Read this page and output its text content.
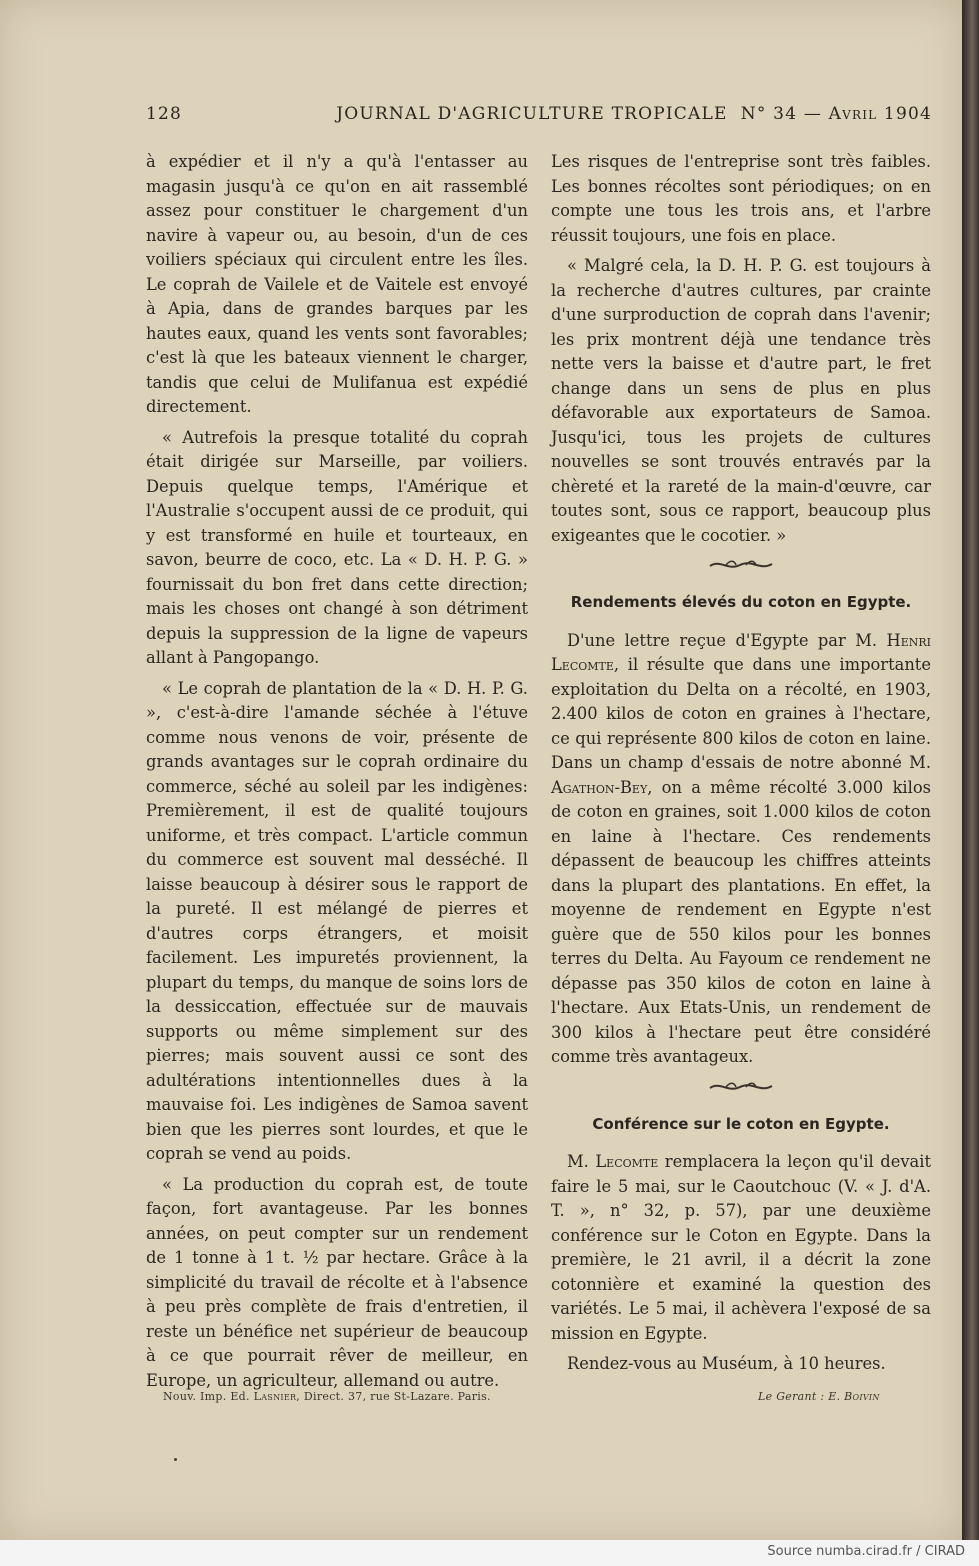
128	JOURNAL D'AGRICULTURE TROPICALE N° 34 — Avril 1904

à expédier et il n'y a qu'à l'entasser au magasin jusqu'à ce qu'on en ait rassemblé assez pour constituer le chargement d'un navire à vapeur ou, au besoin, d'un de ces voiliers spéciaux qui circulent entre les îles. Le coprah de Vailele et de Vaitele est envoyé à Apia, dans de grandes barques par les hautes eaux, quand les vents sont favorables; c'est là que les bateaux viennent le charger, tandis que celui de Mulifanua est expédié directement.

« Autrefois la presque totalité du coprah était dirigée sur Marseille, par voiliers. Depuis quelque temps, l'Amérique et l'Australie s'occupent aussi de ce produit, qui y est transformé en huile et tourteaux, en savon, beurre de coco, etc. La « D. H. P. G. » fournissait du bon fret dans cette direction; mais les choses ont changé à son détriment depuis la suppression de la ligne de vapeurs allant à Pangopango.

« Le coprah de plantation de la « D. H. P. G. », c'est-à-dire l'amande séchée à l'étuve comme nous venons de voir, présente de grands avantages sur le coprah ordinaire du commerce, séché au soleil par les indigènes: Premièrement, il est de qualité toujours uniforme, et très compact. L'article commun du commerce est souvent mal desséché. Il laisse beaucoup à désirer sous le rapport de la pureté. Il est mélangé de pierres et d'autres corps étrangers, et moisit facilement. Les impuretés proviennent, la plupart du temps, du manque de soins lors de la dessiccation, effectuée sur de mauvais supports ou même simplement sur des pierres; mais souvent aussi ce sont des adultérations intentionnelles dues à la mauvaise foi. Les indigènes de Samoa savent bien que les pierres sont lourdes, et que le coprah se vend au poids.

« La production du coprah est, de toute façon, fort avantageuse. Par les bonnes années, on peut compter sur un rendement de 1 tonne à 1 t. ½ par hectare. Grâce à la simplicité du travail de récolte et à l'absence à peu près complète de frais d'entretien, il reste un bénéfice net supérieur de beaucoup à ce que pourrait rêver de meilleur, en Europe, un agriculteur, allemand ou autre.

Les risques de l'entreprise sont très faibles. Les bonnes récoltes sont périodiques; on en compte une tous les trois ans, et l'arbre réussit toujours, une fois en place.

« Malgré cela, la D. H. P. G. est toujours à la recherche d'autres cultures, par crainte d'une surproduction de coprah dans l'avenir; les prix montrent déjà une tendance très nette vers la baisse et d'autre part, le fret change dans un sens de plus en plus défavorable aux exportateurs de Samoa. Jusqu'ici, tous les projets de cultures nouvelles se sont trouvés entravés par la chèreté et la rareté de la main-d'œuvre, car toutes sont, sous ce rapport, beaucoup plus exigeantes que le cocotier. »

Rendements élevés du coton en Egypte.

D'une lettre reçue d'Egypte par M. Henri Lecomte, il résulte que dans une importante exploitation du Delta on a récolté, en 1903, 2.400 kilos de coton en graines à l'hectare, ce qui représente 800 kilos de coton en laine. Dans un champ d'essais de notre abonné M. Agathon-Bey, on a même récolté 3.000 kilos de coton en graines, soit 1.000 kilos de coton en laine à l'hectare. Ces rendements dépassent de beaucoup les chiffres atteints dans la plupart des plantations. En effet, la moyenne de rendement en Egypte n'est guère que de 550 kilos pour les bonnes terres du Delta. Au Fayoum ce rendement ne dépasse pas 350 kilos de coton en laine à l'hectare. Aux Etats-Unis, un rendement de 300 kilos à l'hectare peut être considéré comme très avantageux.

Conférence sur le coton en Egypte.

M. Lecomte remplacera la leçon qu'il devait faire le 5 mai, sur le Caoutchouc (V. « J. d'A. T. », n° 32, p. 57), par une deuxième conférence sur le Coton en Egypte. Dans la première, le 21 avril, il a décrit la zone cotonnière et examiné la question des variétés. Le 5 mai, il achèvera l'exposé de sa mission en Egypte.

Rendez-vous au Muséum, à 10 heures.

Nouv. Imp. Ed. Lasnier, Direct. 37, rue St-Lazare. Paris.	Le Gerant : E. Boivin
Source numba.cirad.fr / CIRAD
